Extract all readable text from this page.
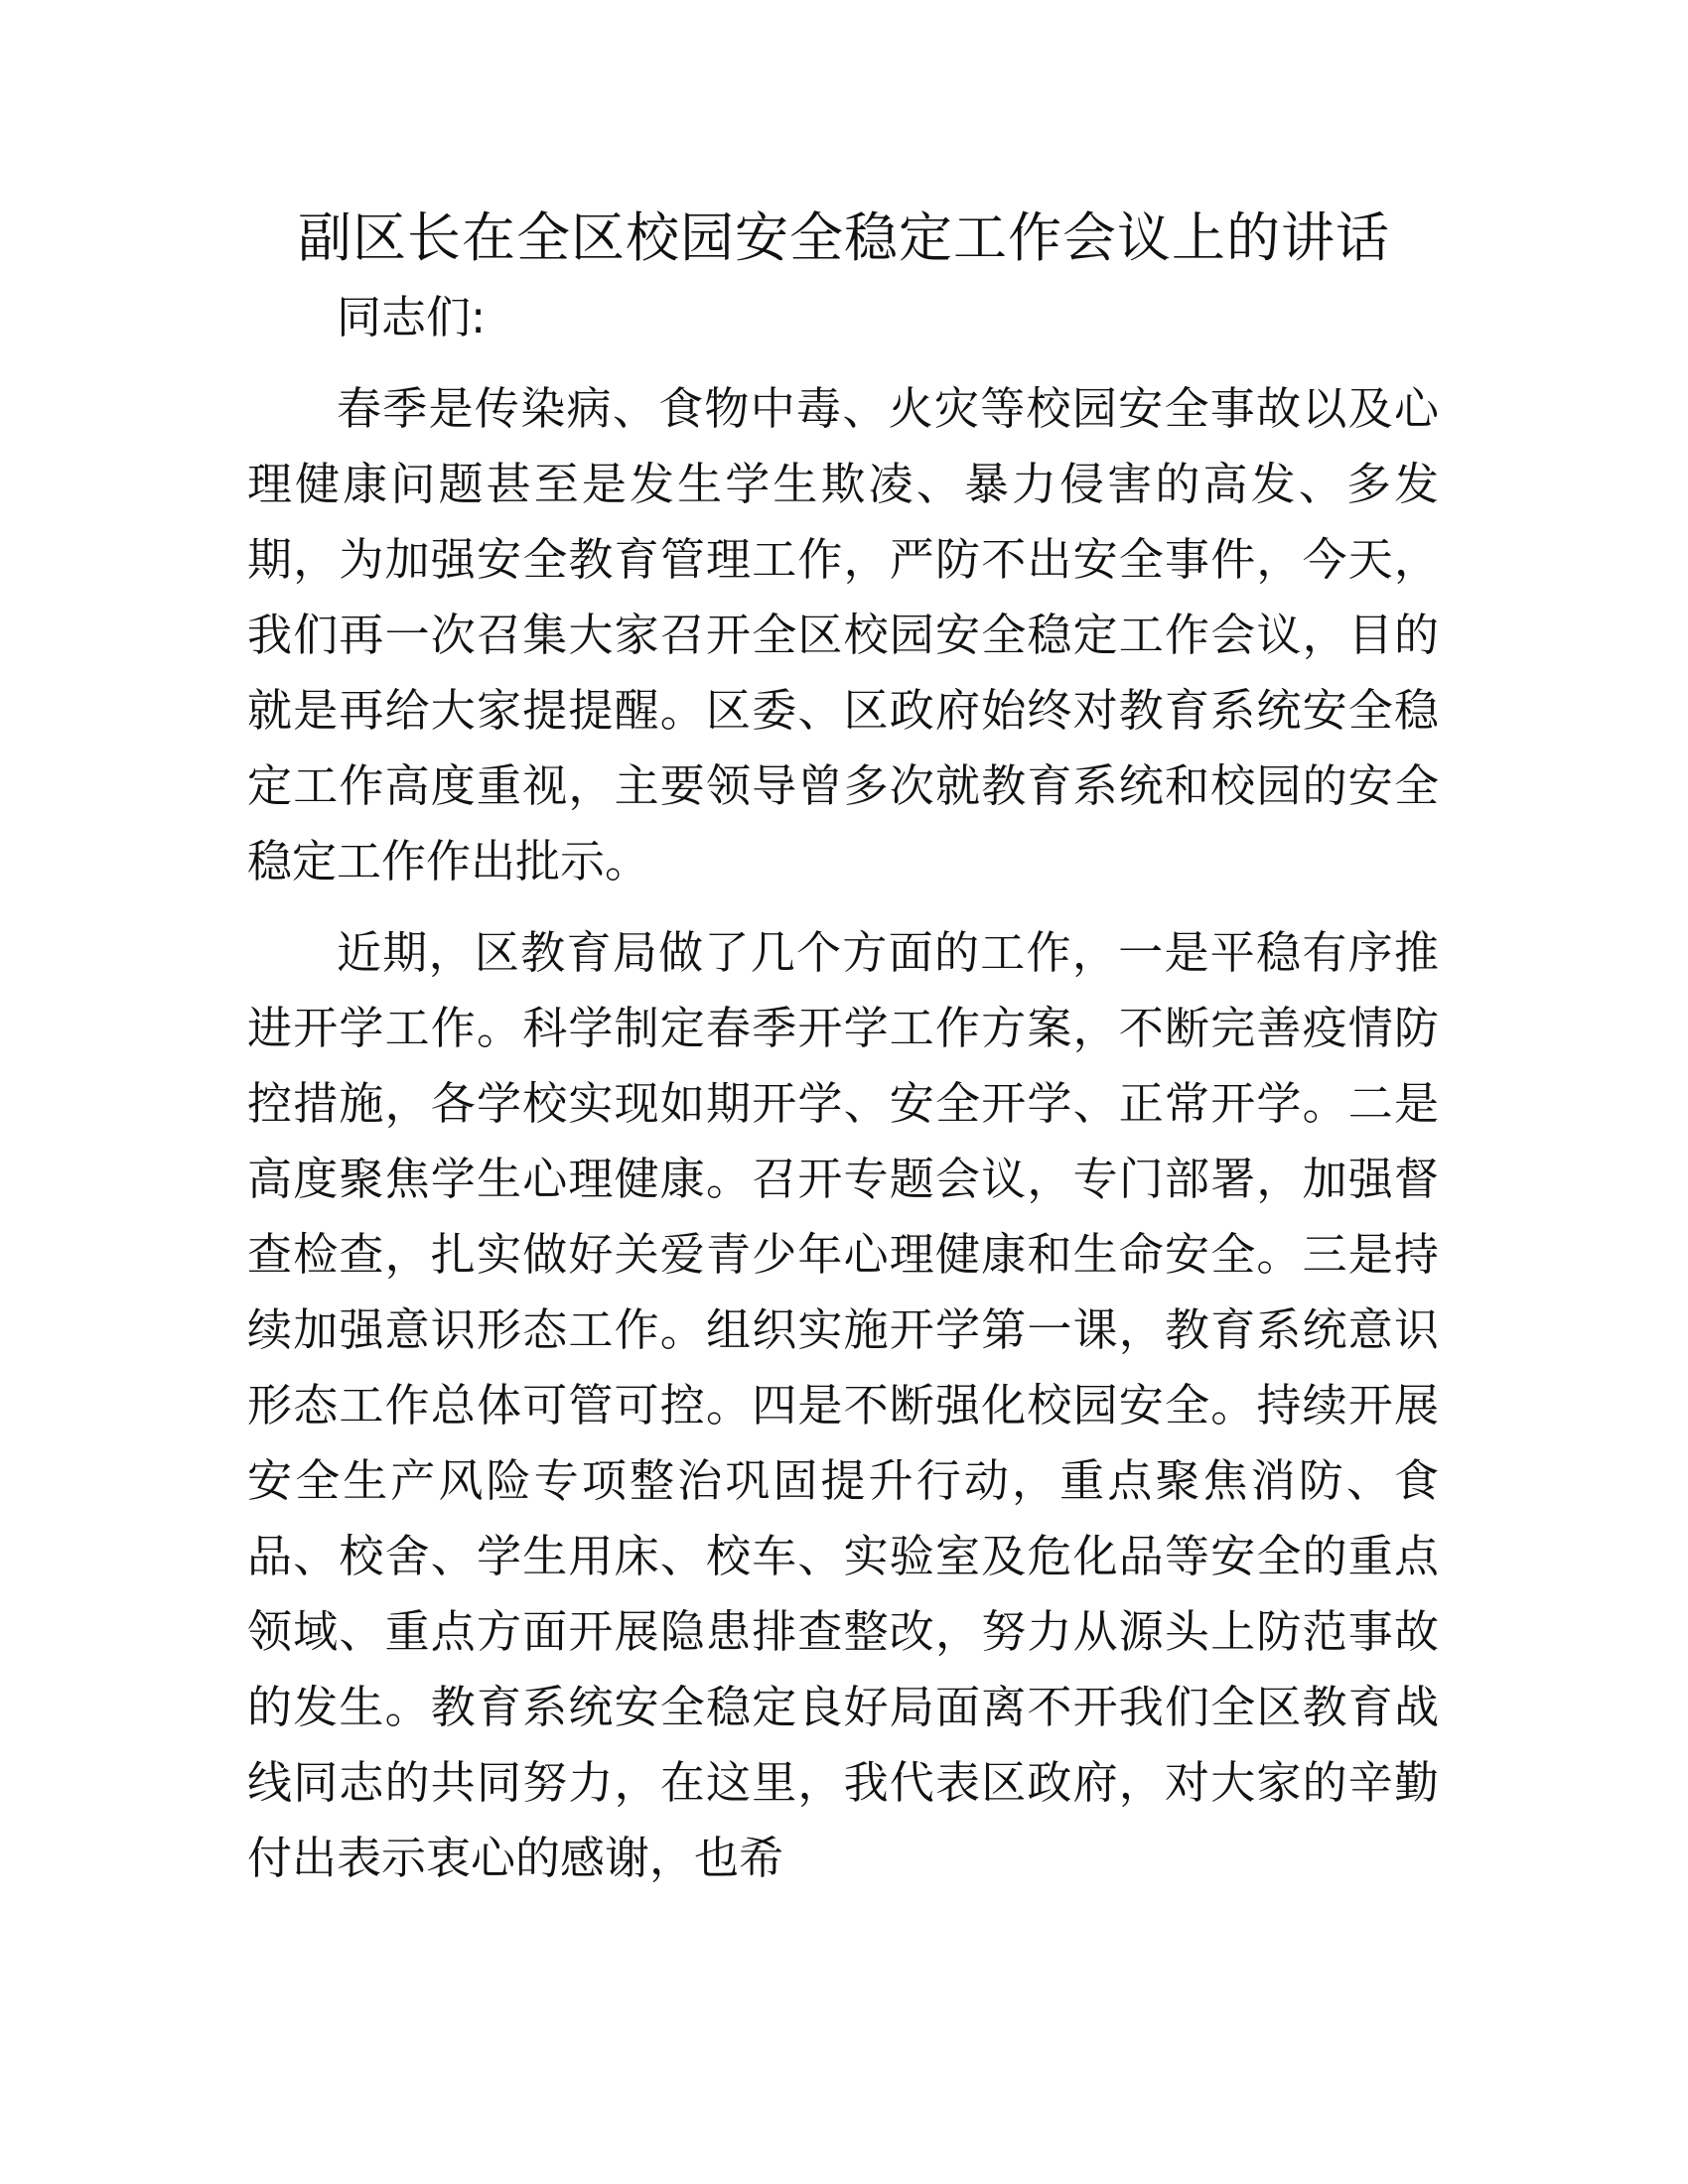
副区长在全区校园安全稳定工作会议上的讲话

同志们:

春季是传染病、食物中毒、火灾等校园安全事故以及心理健康问题甚至是发生学生欺凌、暴力侵害的高发、多发期，为加强安全教育管理工作，严防不出安全事件，今天，我们再一次召集大家召开全区校园安全稳定工作会议，目的就是再给大家提提醒。区委、区政府始终对教育系统安全稳定工作高度重视，主要领导曾多次就教育系统和校园的安全稳定工作作出批示。

近期，区教育局做了几个方面的工作，一是平稳有序推进开学工作。科学制定春季开学工作方案，不断完善疫情防控措施，各学校实现如期开学、安全开学、正常开学。二是高度聚焦学生心理健康。召开专题会议，专门部署，加强督查检查，扎实做好关爱青少年心理健康和生命安全。三是持续加强意识形态工作。组织实施开学第一课，教育系统意识形态工作总体可管可控。四是不断强化校园安全。持续开展安全生产风险专项整治巩固提升行动，重点聚焦消防、食品、校舍、学生用床、校车、实验室及危化品等安全的重点领域、重点方面开展隐患排查整改，努力从源头上防范事故的发生。教育系统安全稳定良好局面离不开我们全区教育战线同志的共同努力，在这里，我代表区政府，对大家的辛勤付出表示衷心的感谢，也希
